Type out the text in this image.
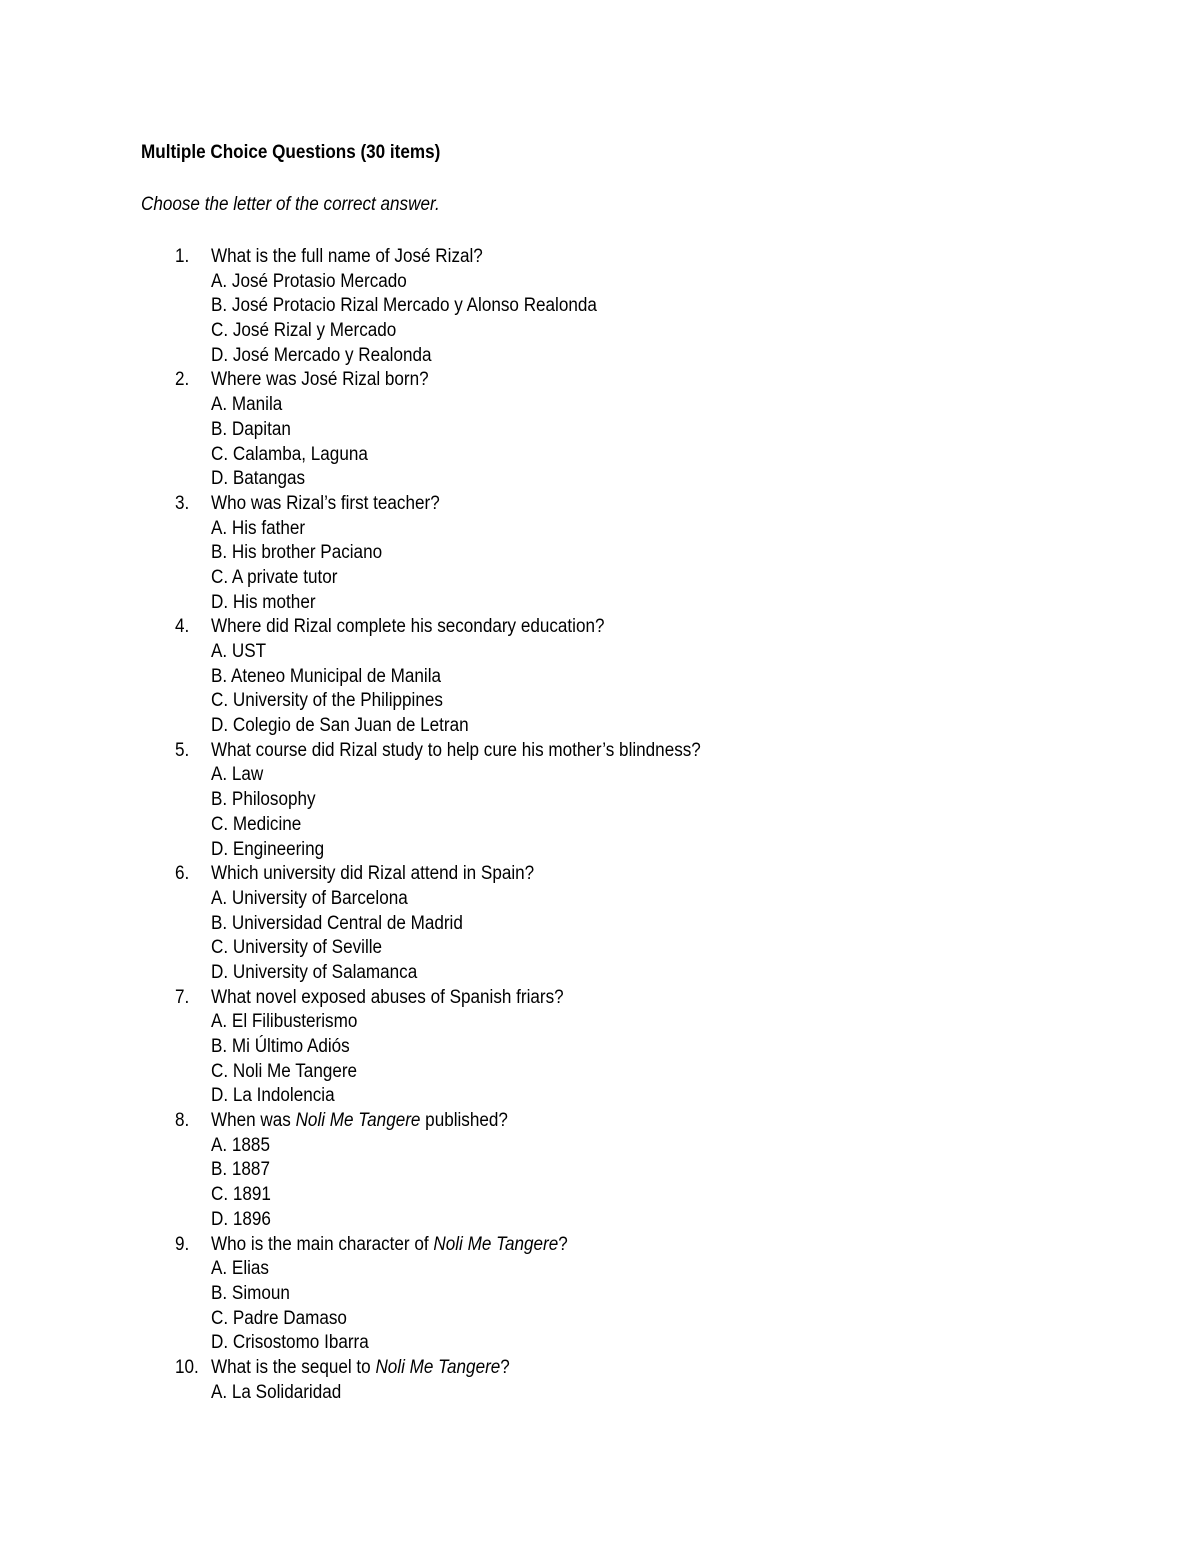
Multiple Choice Questions (30 items)
Choose the letter of the correct answer.
1. What is the full name of José Rizal?
A. José Protasio Mercado
B. José Protacio Rizal Mercado y Alonso Realonda
C. José Rizal y Mercado
D. José Mercado y Realonda
2. Where was José Rizal born?
A. Manila
B. Dapitan
C. Calamba, Laguna
D. Batangas
3. Who was Rizal’s first teacher?
A. His father
B. His brother Paciano
C. A private tutor
D. His mother
4. Where did Rizal complete his secondary education?
A. UST
B. Ateneo Municipal de Manila
C. University of the Philippines
D. Colegio de San Juan de Letran
5. What course did Rizal study to help cure his mother’s blindness?
A. Law
B. Philosophy
C. Medicine
D. Engineering
6. Which university did Rizal attend in Spain?
A. University of Barcelona
B. Universidad Central de Madrid
C. University of Seville
D. University of Salamanca
7. What novel exposed abuses of Spanish friars?
A. El Filibusterismo
B. Mi Último Adiós
C. Noli Me Tangere
D. La Indolencia
8. When was Noli Me Tangere published?
A. 1885
B. 1887
C. 1891
D. 1896
9. Who is the main character of Noli Me Tangere?
A. Elias
B. Simoun
C. Padre Damaso
D. Crisostomo Ibarra
10. What is the sequel to Noli Me Tangere?
A. La Solidaridad
